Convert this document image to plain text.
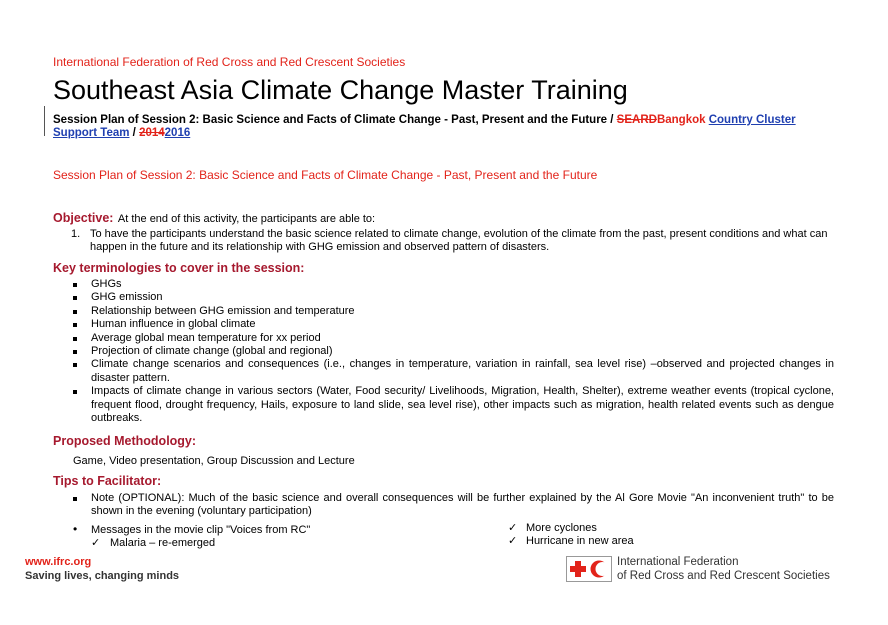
International Federation of Red Cross and Red Crescent Societies
Southeast Asia Climate Change Master Training
Session Plan of Session 2: Basic Science and Facts of Climate Change - Past, Present and the Future / SEARDBangkok Country Cluster Support Team / 20142016
Session Plan of Session 2: Basic Science and Facts of Climate Change - Past, Present and the Future
Objective: At the end of this activity, the participants are able to:
1. To have the participants understand the basic science related to climate change, evolution of the climate from the past, present conditions and what can happen in the future and its relationship with GHG emission and observed pattern of disasters.
Key terminologies to cover in the session:
GHGs
GHG emission
Relationship between GHG emission and temperature
Human influence in global climate
Average global mean temperature for xx period
Projection of climate change (global and regional)
Climate change scenarios and consequences (i.e., changes in temperature, variation in rainfall, sea level rise) –observed and projected changes in disaster pattern.
Impacts of climate change in various sectors (Water, Food security/ Livelihoods, Migration, Health, Shelter), extreme weather events (tropical cyclone, frequent flood, drought frequency, Hails, exposure to land slide, sea level rise), other impacts such as migration, health related events such as dengue outbreaks.
Proposed Methodology:
Game, Video presentation, Group Discussion and Lecture
Tips to Facilitator:
Note (OPTIONAL): Much of the basic science and overall consequences will be further explained by the Al Gore Movie "An inconvenient truth" to be shown in the evening (voluntary participation)
• Messages in the movie clip "Voices from RC"
✓ Malaria – re-emerged
✓ More cyclones
✓ Hurricane in new area
www.ifrc.org
Saving lives, changing minds
International Federation
of Red Cross and Red Crescent Societies
